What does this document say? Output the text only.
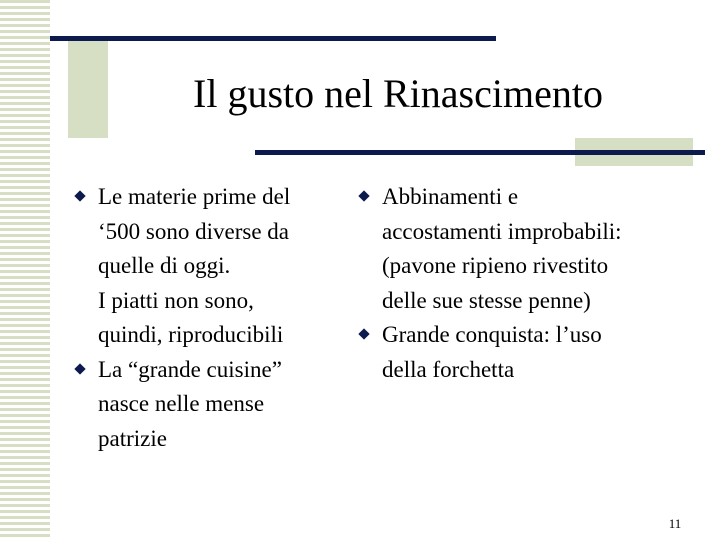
Il gusto nel Rinascimento
Le materie prime del
‘500 sono diverse da
quelle di oggi.
I piatti non sono,
quindi, riproducibili
La “grande cuisine”
nasce nelle mense
patrizie
Abbinamenti e
accostamenti improbabili:
(pavone ripieno rivestito
delle sue stesse penne)
Grande conquista: l’uso
della forchetta
11
